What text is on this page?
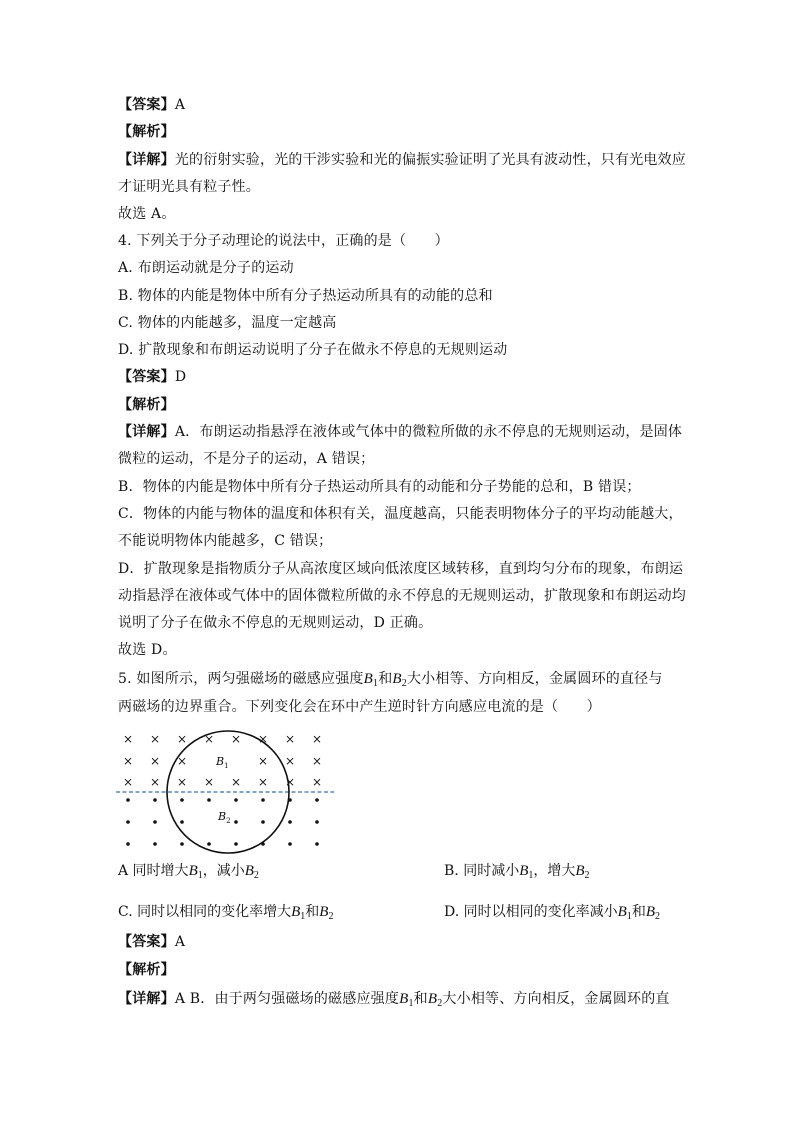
【答案】A
【解析】
【详解】光的衍射实验，光的干涉实验和光的偏振实验证明了光具有波动性，只有光电效应
才证明光具有粒子性。
故选 A。
4. 下列关于分子动理论的说法中，正确的是（　　）
A. 布朗运动就是分子的运动
B. 物体的内能是物体中所有分子热运动所具有的动能的总和
C. 物体的内能越多，温度一定越高
D. 扩散现象和布朗运动说明了分子在做永不停息的无规则运动
【答案】D
【解析】
【详解】A．布朗运动指悬浮在液体或气体中的微粒所做的永不停息的无规则运动，是固体
微粒的运动，不是分子的运动，A 错误；
B．物体的内能是物体中所有分子热运动所具有的动能和分子势能的总和，B 错误；
C．物体的内能与物体的温度和体积有关，温度越高，只能表明物体分子的平均动能越大，
不能说明物体内能越多，C 错误；
D．扩散现象是指物质分子从高浓度区域向低浓度区域转移，直到均匀分布的现象，布朗运
动指悬浮在液体或气体中的固体微粒所做的永不停息的无规则运动，扩散现象和布朗运动均
说明了分子在做永不停息的无规则运动，D 正确。
故选 D。
5. 如图所示，两匀强磁场的磁感应强度$B_1$和$B_2$大小相等、方向相反，金属圆环的直径与
两磁场的边界重合。下列变化会在环中产生逆时针方向感应电流的是（　　）
× × × × × × × ×
× × ×	× × ×
× × × × × × × ×
$B_1$
$B_2$
A 同时增大$B_1$，减小$B_2$	B. 同时减小$B_1$，增大$B_2$
C. 同时以相同的变化率增大$B_1$和$B_2$	D. 同时以相同的变化率减小$B_1$和$B_2$
【答案】A
【解析】
【详解】A B．由于两匀强磁场的磁感应强度$B_1$和$B_2$大小相等、方向相反，金属圆环的直
